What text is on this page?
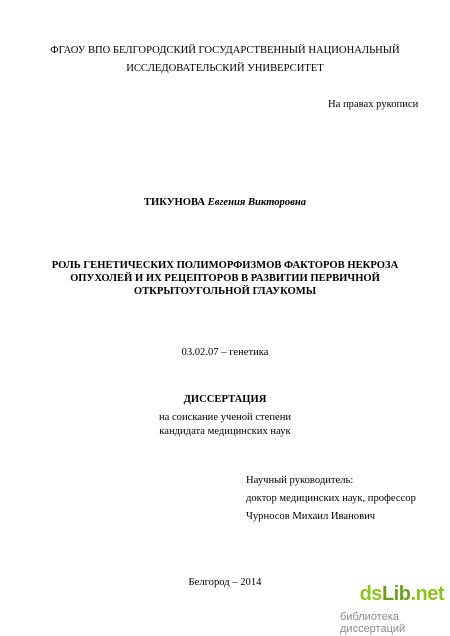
ФГАОУ ВПО БЕЛГОРОДСКИЙ ГОСУДАРСТВЕННЫЙ НАЦИОНАЛЬНЫЙ
ИССЛЕДОВАТЕЛЬСКИЙ УНИВЕРСИТЕТ
На правах рукописи
ТИКУНОВА Евгения Викторовна
РОЛЬ ГЕНЕТИЧЕСКИХ ПОЛИМОРФИЗМОВ ФАКТОРОВ НЕКРОЗА
ОПУХОЛЕЙ И ИХ РЕЦЕПТОРОВ В РАЗВИТИИ ПЕРВИЧНОЙ
ОТКРЫТОУГОЛЬНОЙ ГЛАУКОМЫ
03.02.07 – генетика
ДИССЕРТАЦИЯ
на соискание ученой степени
кандидата медицинских наук
Научный руководитель:
доктор медицинских наук, профессор
Чурносов Михаил Иванович
Белгород – 2014
dsLib.net
библиотека диссертаций
